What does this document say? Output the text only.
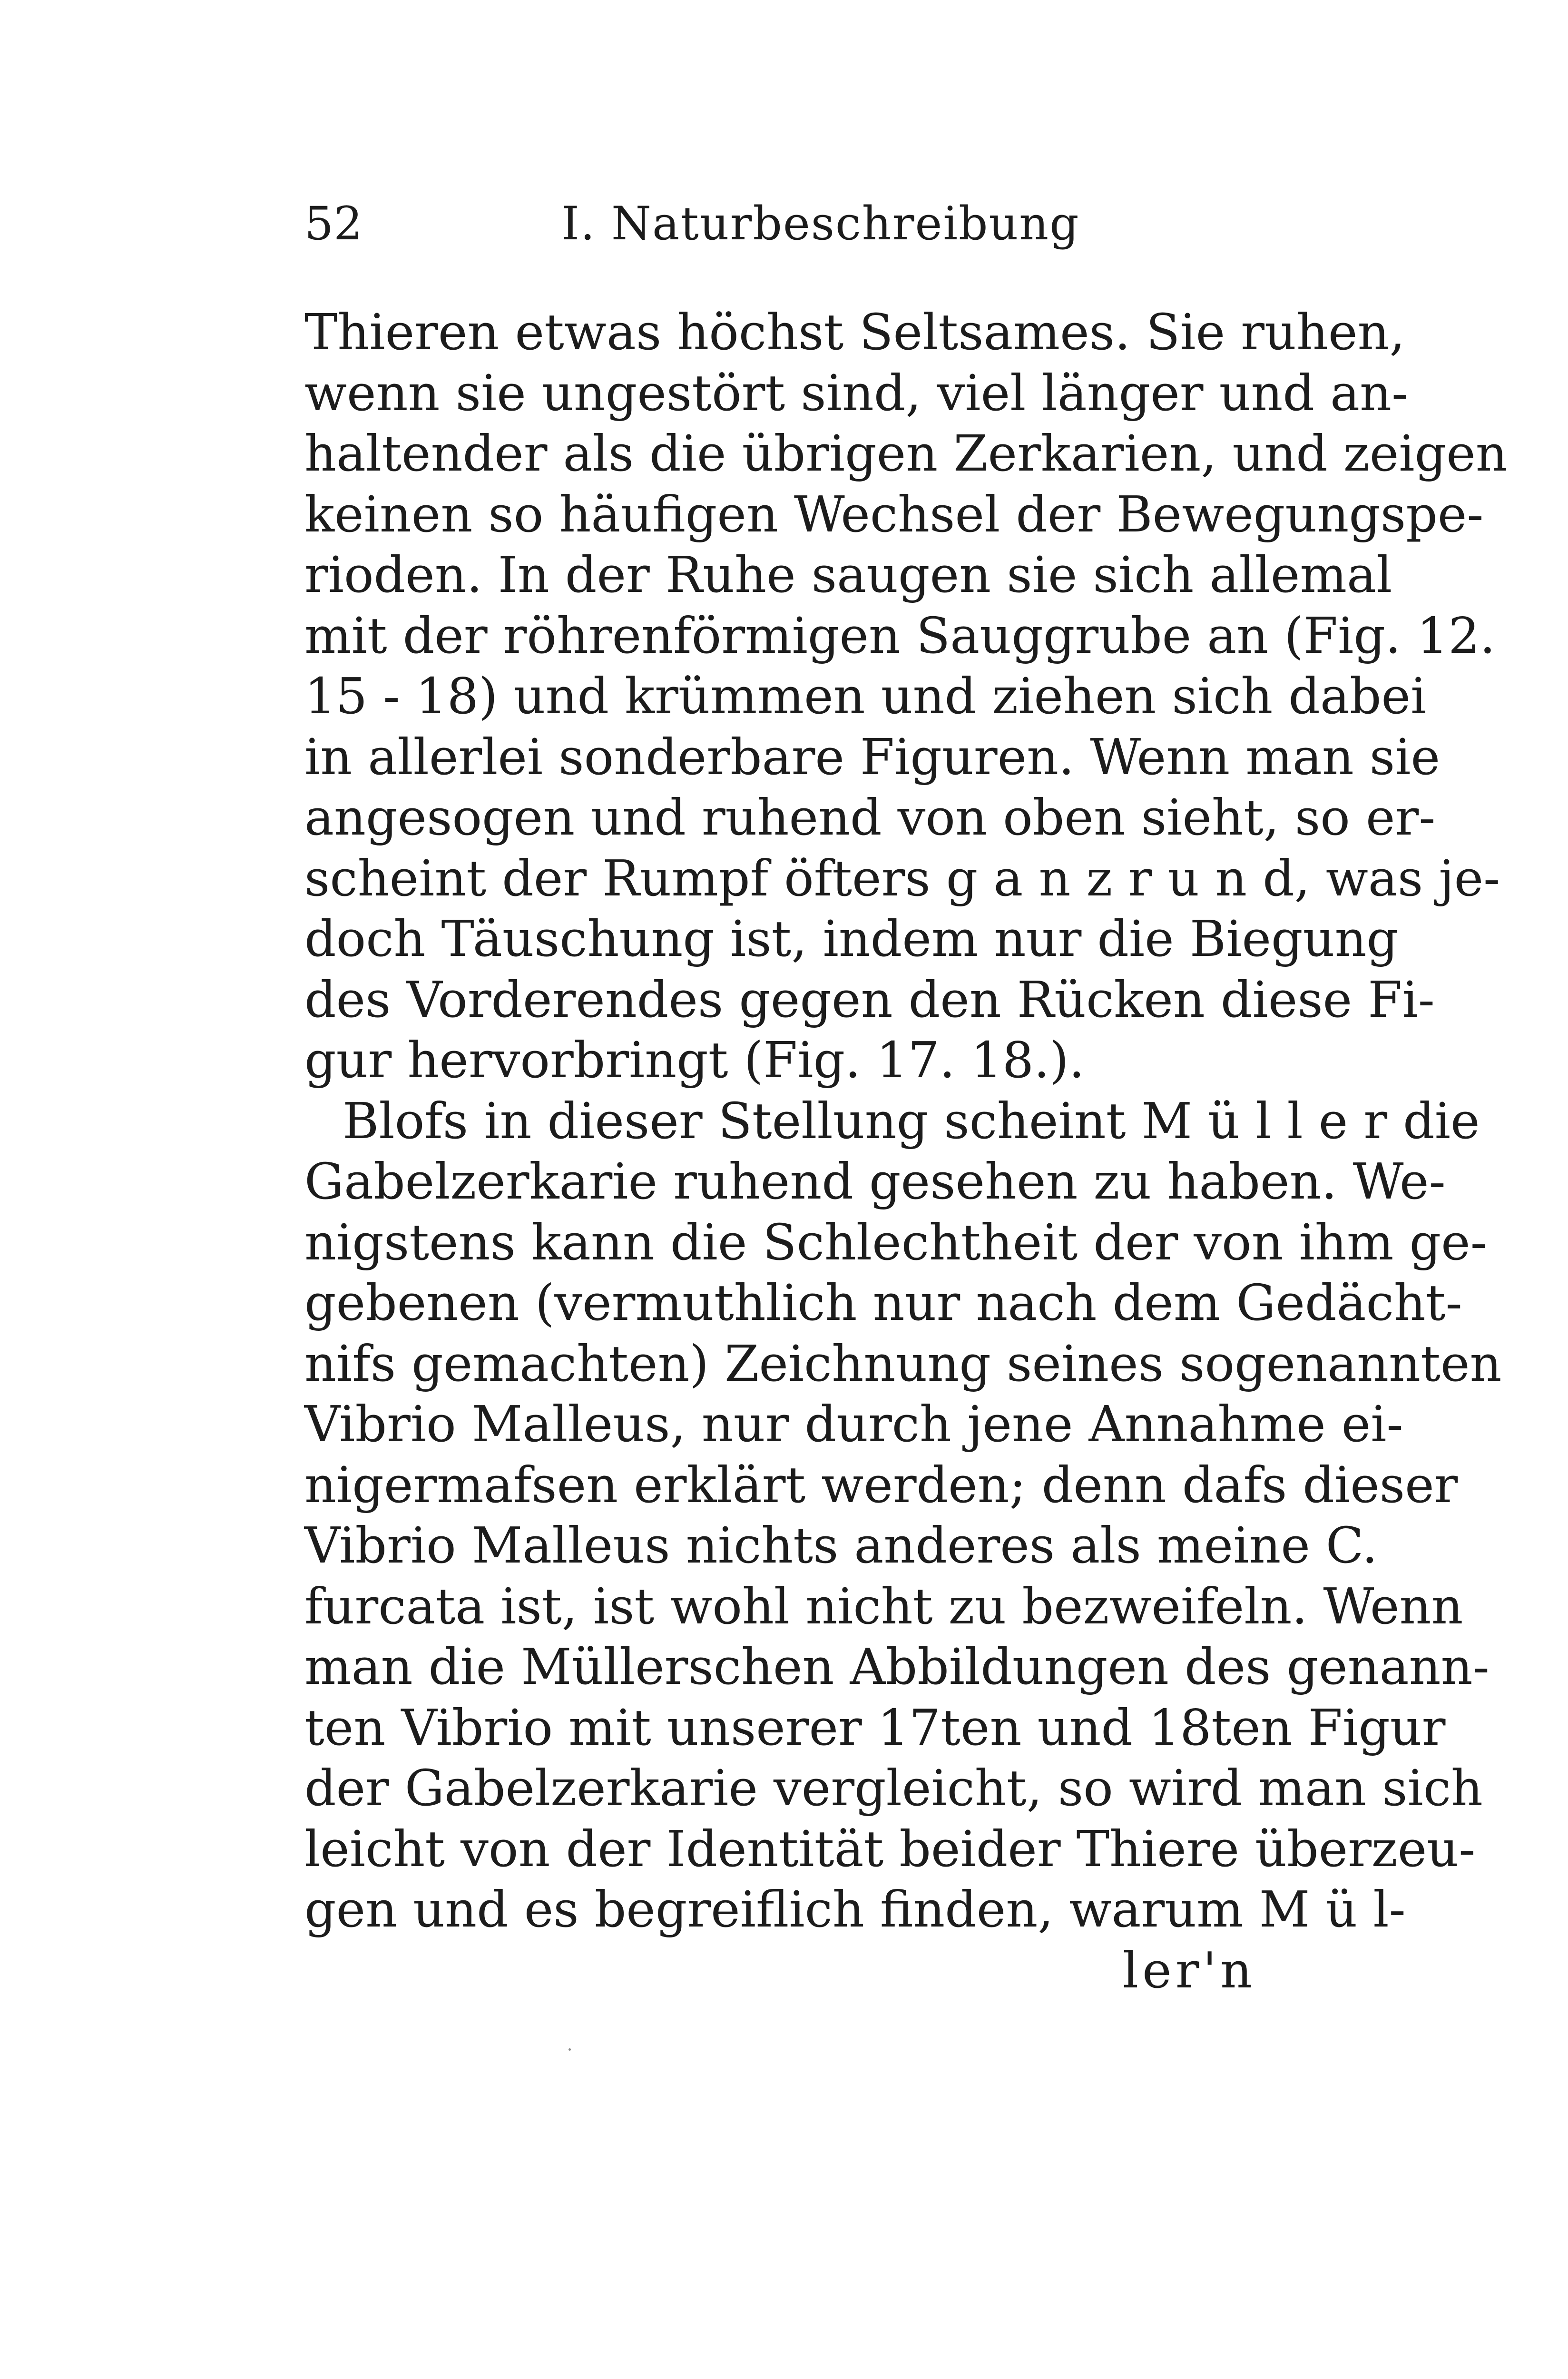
52	I. Naturbeschreibung
Thieren etwas höchst Seltsames. Sie ruhen,
wenn sie ungestört sind, viel länger und an-
haltender als die übrigen Zerkarien, und zeigen
keinen so häufigen Wechsel der Bewegungspe-
rioden. In der Ruhe saugen sie sich allemal
mit der röhrenförmigen Sauggrube an (Fig. 12.
15 - 18) und krümmen und ziehen sich dabei
in allerlei sonderbare Figuren. Wenn man sie
angesogen und ruhend von oben sieht, so er-
scheint der Rumpf öfters g a n z r u n d, was je-
doch Täuschung ist, indem nur die Biegung
des Vorderendes gegen den Rücken diese Fi-
gur hervorbringt (Fig. 17. 18.).
Blofs in dieser Stellung scheint M ü l l e r die
Gabelzerkarie ruhend gesehen zu haben. We-
nigstens kann die Schlechtheit der von ihm ge-
gebenen (vermuthlich nur nach dem Gedächt-
nifs gemachten) Zeichnung seines sogenannten
Vibrio Malleus, nur durch jene Annahme ei-
nigermafsen erklärt werden; denn dafs dieser
Vibrio Malleus nichts anderes als meine C.
furcata ist, ist wohl nicht zu bezweifeln. Wenn
man die Müllerschen Abbildungen des genann-
ten Vibrio mit unserer 17ten und 18ten Figur
der Gabelzerkarie vergleicht, so wird man sich
leicht von der Identität beider Thiere überzeu-
gen und es begreiflich finden, warum M ü l-
ler'n
